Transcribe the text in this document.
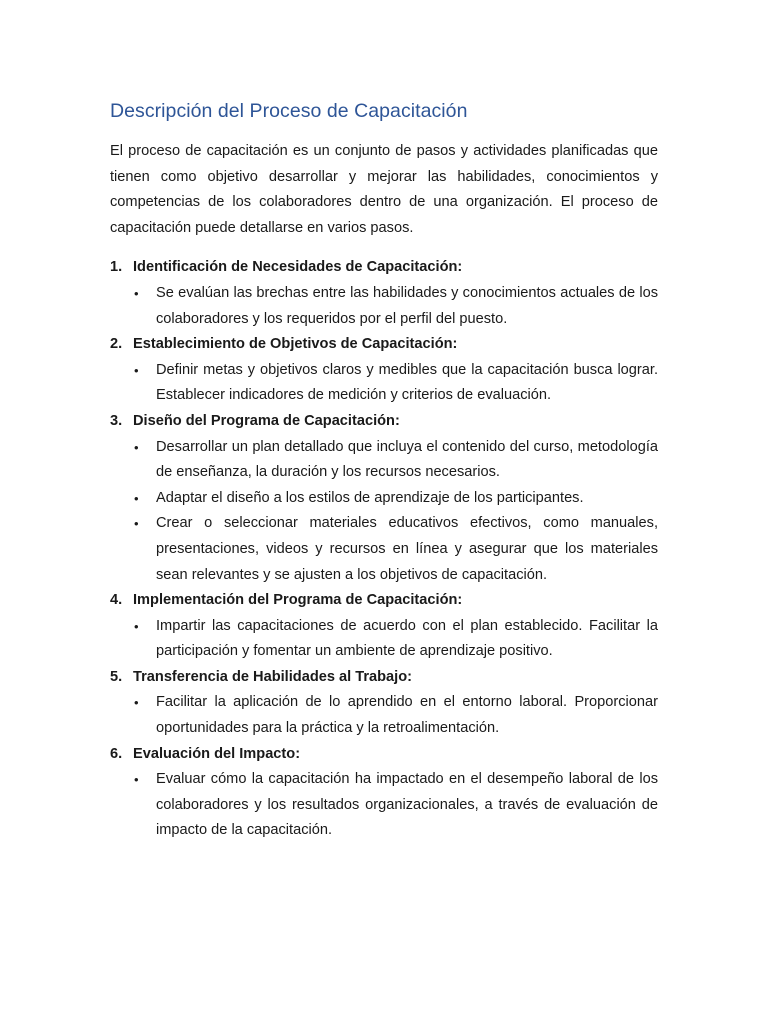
Descripción del Proceso de Capacitación

El proceso de capacitación es un conjunto de pasos y actividades planificadas que tienen como objetivo desarrollar y mejorar las habilidades, conocimientos y competencias de los colaboradores dentro de una organización. El proceso de capacitación puede detallarse en varios pasos.

1. Identificación de Necesidades de Capacitación:
• Se evalúan las brechas entre las habilidades y conocimientos actuales de los colaboradores y los requeridos por el perfil del puesto.
2. Establecimiento de Objetivos de Capacitación:
• Definir metas y objetivos claros y medibles que la capacitación busca lograr. Establecer indicadores de medición y criterios de evaluación.
3. Diseño del Programa de Capacitación:
• Desarrollar un plan detallado que incluya el contenido del curso, metodología de enseñanza, la duración y los recursos necesarios.
• Adaptar el diseño a los estilos de aprendizaje de los participantes.
• Crear o seleccionar materiales educativos efectivos, como manuales, presentaciones, videos y recursos en línea y asegurar que los materiales sean relevantes y se ajusten a los objetivos de capacitación.
4. Implementación del Programa de Capacitación:
• Impartir las capacitaciones de acuerdo con el plan establecido. Facilitar la participación y fomentar un ambiente de aprendizaje positivo.
5. Transferencia de Habilidades al Trabajo:
• Facilitar la aplicación de lo aprendido en el entorno laboral. Proporcionar oportunidades para la práctica y la retroalimentación.
6. Evaluación del Impacto:
• Evaluar cómo la capacitación ha impactado en el desempeño laboral de los colaboradores y los resultados organizacionales, a través de evaluación de impacto de la capacitación.
